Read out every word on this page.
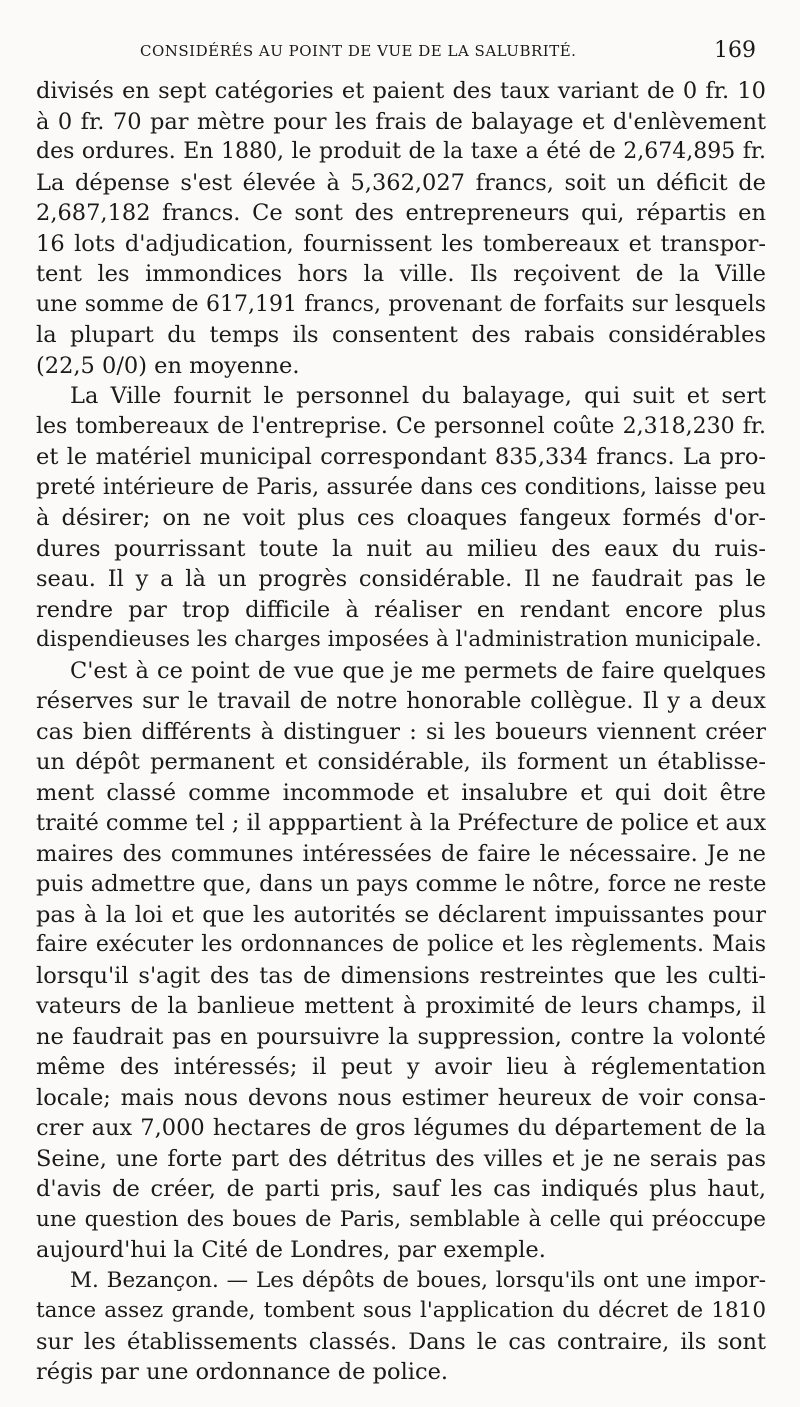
CONSIDÉRÉS AU POINT DE VUE DE LA SALUBRITÉ.	169
divisés en sept catégories et paient des taux variant de 0 fr. 10
à 0 fr. 70 par mètre pour les frais de balayage et d'enlèvement
des ordures. En 1880, le produit de la taxe a été de 2,674,895 fr.
La dépense s'est élevée à 5,362,027 francs, soit un déficit de
2,687,182 francs. Ce sont des entrepreneurs qui, répartis en
16 lots d'adjudication, fournissent les tombereaux et transpor-
tent les immondices hors la ville. Ils reçoivent de la Ville
une somme de 617,191 francs, provenant de forfaits sur lesquels
la plupart du temps ils consentent des rabais considérables
(22,5 0/0) en moyenne.
La Ville fournit le personnel du balayage, qui suit et sert
les tombereaux de l'entreprise. Ce personnel coûte 2,318,230 fr.
et le matériel municipal correspondant 835,334 francs. La pro-
preté intérieure de Paris, assurée dans ces conditions, laisse peu
à désirer; on ne voit plus ces cloaques fangeux formés d'or-
dures pourrissant toute la nuit au milieu des eaux du ruis-
seau. Il y a là un progrès considérable. Il ne faudrait pas le
rendre par trop difficile à réaliser en rendant encore plus
dispendieuses les charges imposées à l'administration municipale.
C'est à ce point de vue que je me permets de faire quelques
réserves sur le travail de notre honorable collègue. Il y a deux
cas bien différents à distinguer : si les boueurs viennent créer
un dépôt permanent et considérable, ils forment un établisse-
ment classé comme incommode et insalubre et qui doit être
traité comme tel ; il apppartient à la Préfecture de police et aux
maires des communes intéressées de faire le nécessaire. Je ne
puis admettre que, dans un pays comme le nôtre, force ne reste
pas à la loi et que les autorités se déclarent impuissantes pour
faire exécuter les ordonnances de police et les règlements. Mais
lorsqu'il s'agit des tas de dimensions restreintes que les culti-
vateurs de la banlieue mettent à proximité de leurs champs, il
ne faudrait pas en poursuivre la suppression, contre la volonté
même des intéressés; il peut y avoir lieu à réglementation
locale; mais nous devons nous estimer heureux de voir consa-
crer aux 7,000 hectares de gros légumes du département de la
Seine, une forte part des détritus des villes et je ne serais pas
d'avis de créer, de parti pris, sauf les cas indiqués plus haut,
une question des boues de Paris, semblable à celle qui préoccupe
aujourd'hui la Cité de Londres, par exemple.
M. Bezançon. — Les dépôts de boues, lorsqu'ils ont une impor-
tance assez grande, tombent sous l'application du décret de 1810
sur les établissements classés. Dans le cas contraire, ils sont
régis par une ordonnance de police.
